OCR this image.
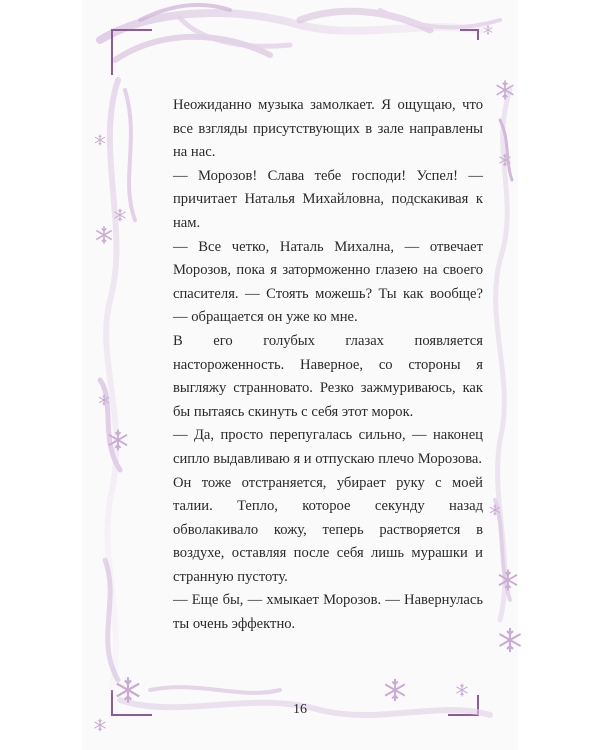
Неожиданно музыка замолкает. Я ощущаю, что все взгляды присутствующих в зале направлены на нас.

— Морозов! Слава тебе господи! Успел! — причитает Наталья Михайловна, подскакивая к нам.

— Все четко, Наталь Михална, — отвечает Морозов, пока я заторможенно глазею на своего спасителя. — Стоять можешь? Ты как вообще? — обращается он уже ко мне.

В его голубых глазах появляется настороженность. Наверное, со стороны я выгляжу странновато. Резко зажмуриваюсь, как бы пытаясь скинуть с себя этот морок.

— Да, просто перепугалась сильно, — наконец сипло выдавливаю я и отпускаю плечо Морозова.

Он тоже отстраняется, убирает руку с моей талии. Тепло, которое секунду назад обволакивало кожу, теперь растворяется в воздухе, оставляя после себя лишь мурашки и странную пустоту.

— Еще бы, — хмыкает Морозов. — Навернулась ты очень эффектно.

16
